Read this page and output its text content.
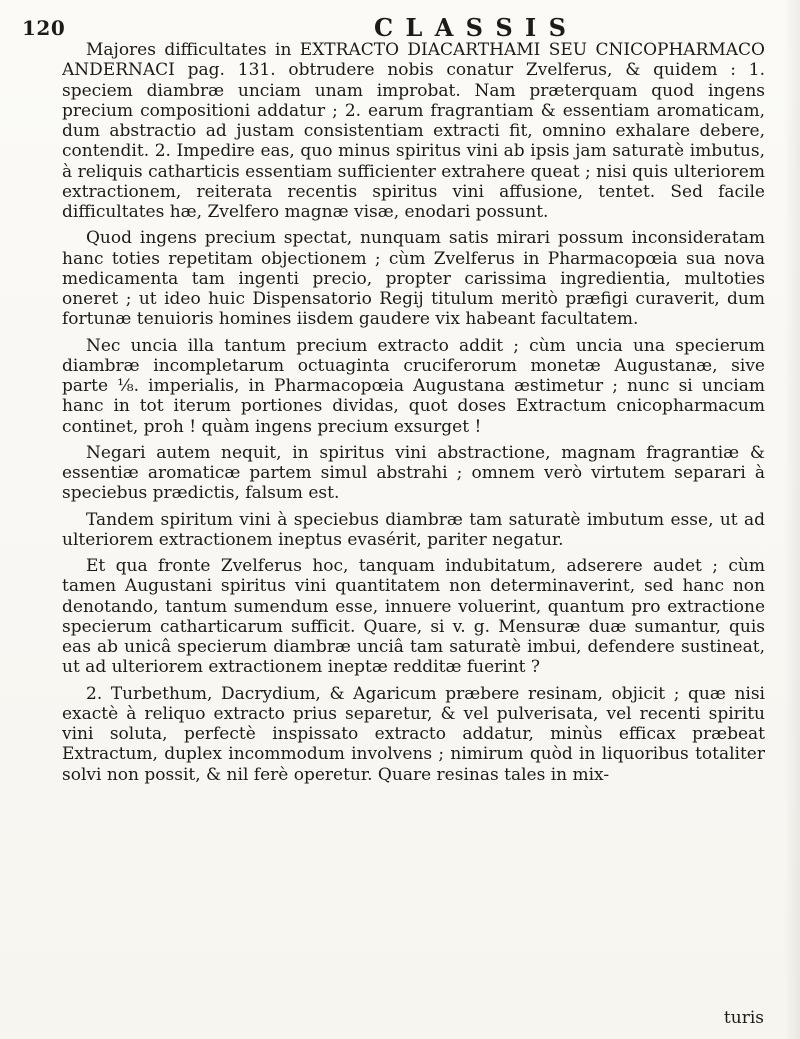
120	C L A S S I S

Majores difficultates in EXTRACTO DIACARTHAMI SEU CNICOPHARMACO ANDERNACI pag. 131. obtrudere nobis conatur Zvelferus, & quidem : 1. speciem diambræ unciam unam improbat. Nam præterquam quod ingens precium compositioni addatur ; 2. earum fragrantiam & essentiam aromaticam, dum abstractio ad justam consistentiam extracti fit, omnino exhalare debere, contendit. 2. Impedire eas, quo minus spiritus vini ab ipsis jam saturatè imbutus, à reliquis catharticis essentiam sufficienter extrahere queat ; nisi quis ulteriorem extractionem, reiterata recentis spiritus vini affusione, tentet. Sed facile difficultates hæ, Zvelfero magnæ visæ, enodari possunt.

Quod ingens precium spectat, nunquam satis mirari possum inconsideratam hanc toties repetitam objectionem ; cùm Zvelferus in Pharmacopœia sua nova medicamenta tam ingenti precio, propter carissima ingredientia, multoties oneret ; ut ideo huic Dispensatorio Regij titulum meritò præfigi curaverit, dum fortunæ tenuioris homines iisdem gaudere vix habeant facultatem.

Nec uncia illa tantum precium extracto addit ; cùm uncia una specierum diambræ incompletarum octuaginta cruciferorum monetæ Augustanæ, sive parte ⅛. imperialis, in Pharmacopœia Augustana æstimetur ; nunc si unciam hanc in tot iterum portiones dividas, quot doses Extractum cnicopharmacum continet, proh ! quàm ingens precium exsurget !

Negari autem nequit, in spiritus vini abstractione, magnam fragrantiæ & essentiæ aromaticæ partem simul abstrahi ; omnem verò virtutem separari à speciebus prædictis, falsum est.

Tandem spiritum vini à speciebus diambræ tam saturatè imbutum esse, ut ad ulteriorem extractionem ineptus evasérit, pariter negatur.

Et qua fronte Zvelferus hoc, tanquam indubitatum, adserere audet ; cùm tamen Augustani spiritus vini quantitatem non determinaverint, sed hanc non denotando, tantum sumendum esse, innuere voluerint, quantum pro extractione specierum catharticarum sufficit. Quare, si v. g. Mensuræ duæ sumantur, quis eas ab unicâ specierum diambræ unciâ tam saturatè imbui, defendere sustineat, ut ad ulteriorem extractionem ineptæ redditæ fuerint ?

2. Turbethum, Dacrydium, & Agaricum præbere resinam, objicit ; quæ nisi exactè à reliquo extracto prius separetur, & vel pulverisata, vel recenti spiritu vini soluta, perfectè inspissato extracto addatur, minùs efficax præbeat Extractum, duplex incommodum involvens ; nimirum quòd in liquoribus totaliter solvi non possit, & nil ferè operetur. Quare resinas tales in mix-

turis
